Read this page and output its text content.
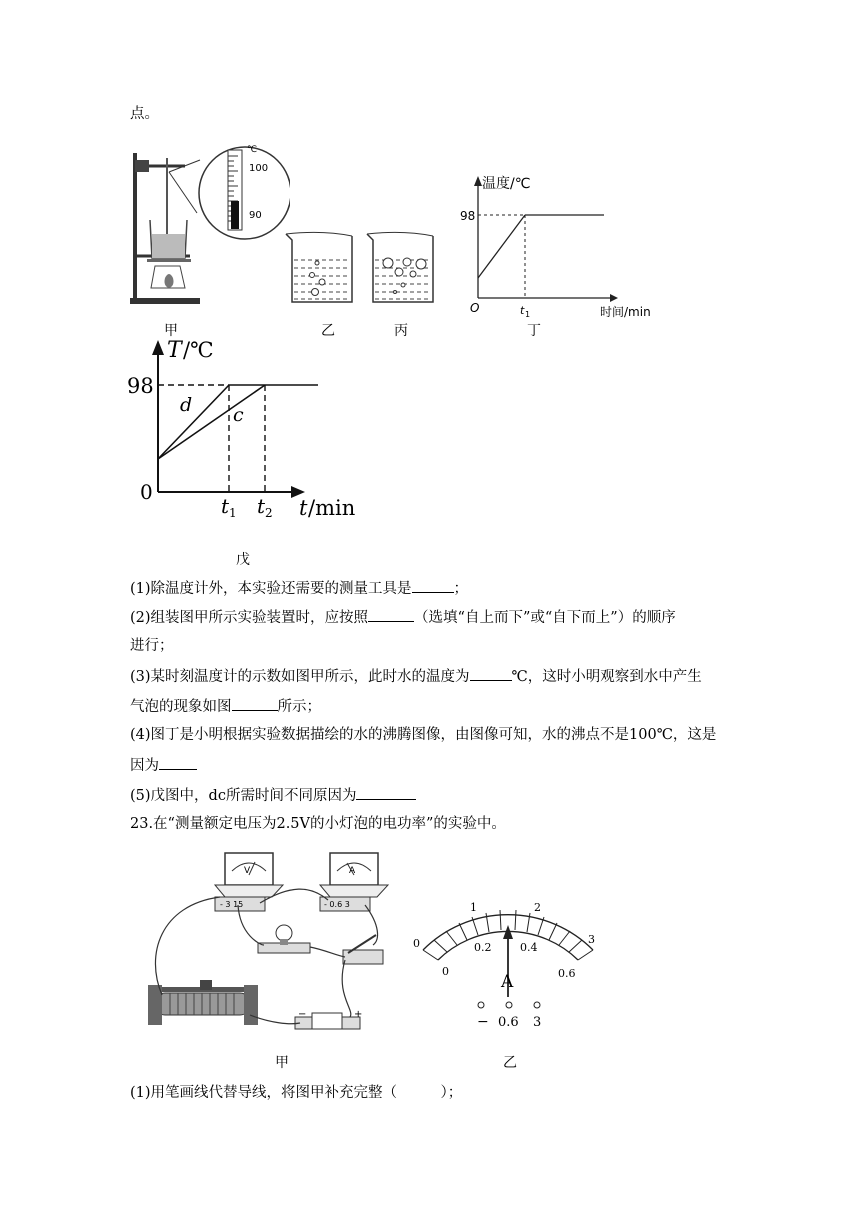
点。
℃
100
90
甲	乙	丙
温度/℃
98
O	t 1	时间/min
丁
T /℃
98
0
d c
t 1 t 2 t /min
戊
(1)除温度计外，本实验还需要的测量工具是	；
(2)组装图甲所示实验装置时，应按照	（选填“自上而下”或“自下而上”）的顺序
进行；
(3)某时刻温度计的示数如图甲所示，此时水的温度为	℃，这时小明观察到水中产生
气泡的现象如图	所示；
(4)图丁是小明根据实验数据描绘的水的沸腾图像，由图像可知，水的沸点不是100℃，这是
因为
(5)戊图中，dc所需时间不同原因为
23.在“测量额定电压为2.5V的小灯泡的电功率”的实验中。
V
- 3 15
A
- 0.6 3
−	+
甲
0
1	2
3
0
0.2	0.4
0.6
A
− 0.6 3
乙
(1)用笔画线代替导线，将图甲补充完整（　　　）；
